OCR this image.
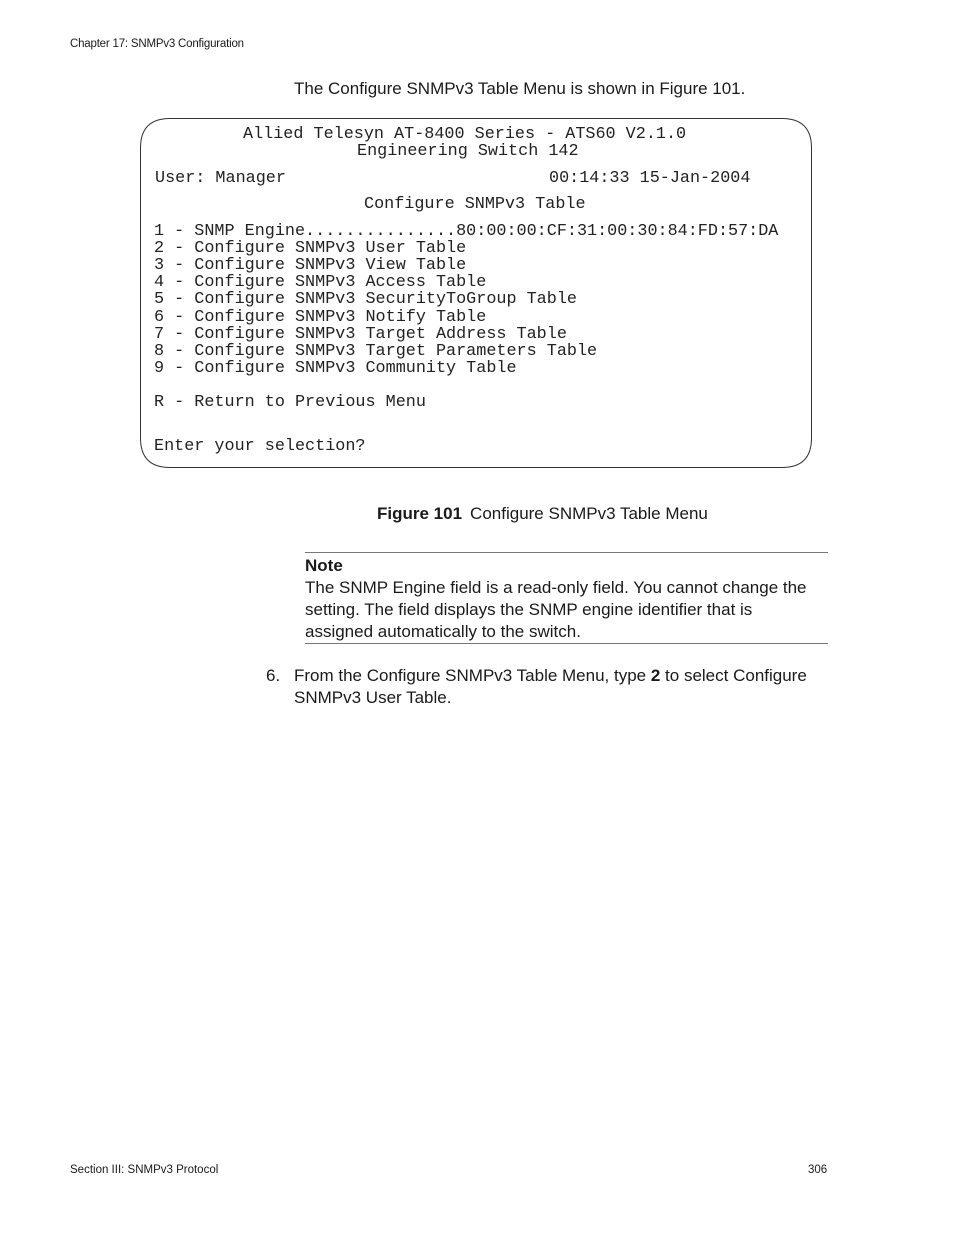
Chapter 17: SNMPv3 Configuration
The Configure SNMPv3 Table Menu is shown in Figure 101.
Allied Telesyn AT-8400 Series - ATS60 V2.1.0
Engineering Switch 142
User: Manager	00:14:33 15-Jan-2004
Configure SNMPv3 Table
1 - SNMP Engine...............80:00:00:CF:31:00:30:84:FD:57:DA
2 - Configure SNMPv3 User Table
3 - Configure SNMPv3 View Table
4 - Configure SNMPv3 Access Table
5 - Configure SNMPv3 SecurityToGroup Table
6 - Configure SNMPv3 Notify Table
7 - Configure SNMPv3 Target Address Table
8 - Configure SNMPv3 Target Parameters Table
9 - Configure SNMPv3 Community Table
R - Return to Previous Menu
Enter your selection?
Figure 101 Configure SNMPv3 Table Menu
Note
The SNMP Engine field is a read-only field. You cannot change the setting. The field displays the SNMP engine identifier that is assigned automatically to the switch.
6. From the Configure SNMPv3 Table Menu, type 2 to select Configure SNMPv3 User Table.
Section III: SNMPv3 Protocol	306
